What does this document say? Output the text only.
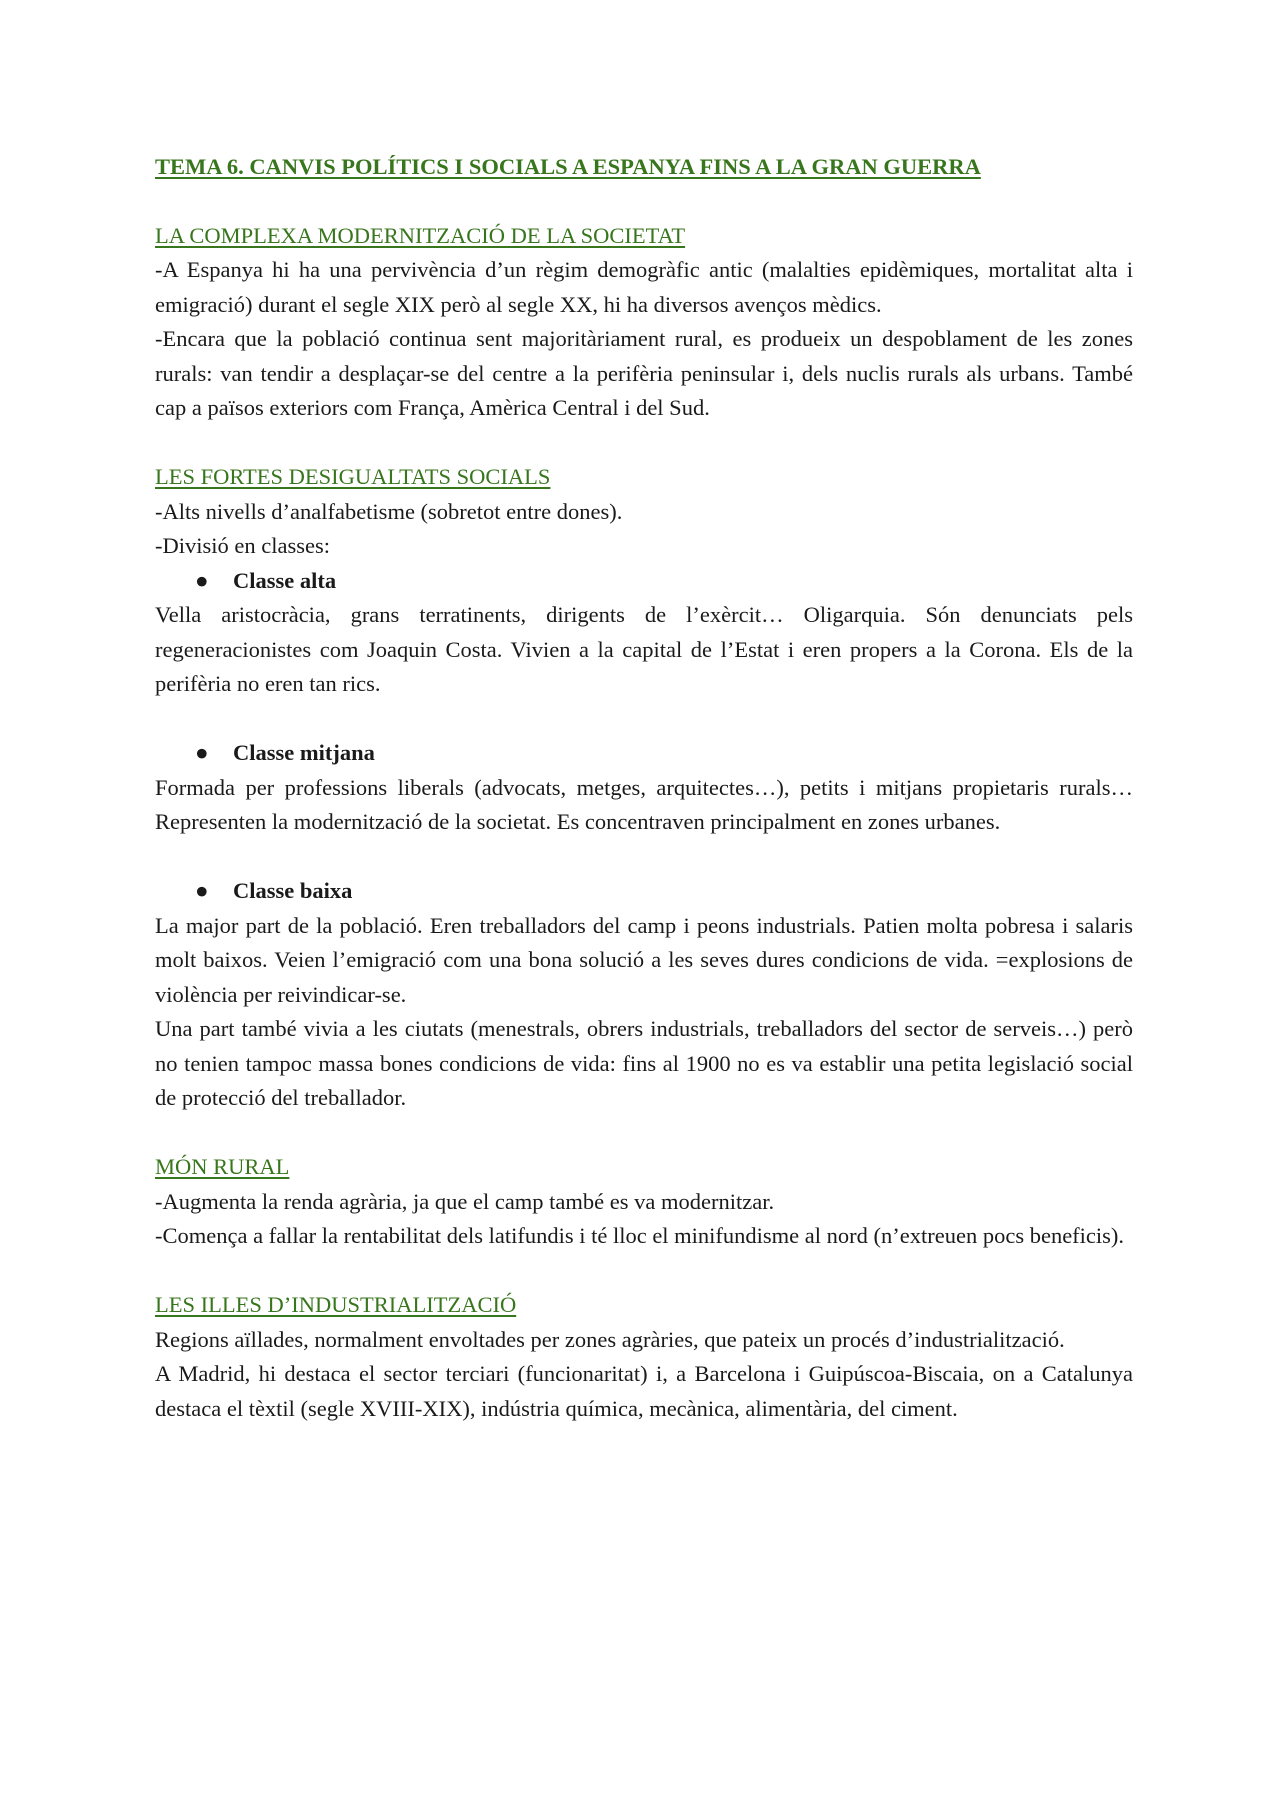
TEMA 6. CANVIS POLÍTICS I SOCIALS A ESPANYA FINS A LA GRAN GUERRA

LA COMPLEXA MODERNITZACIÓ DE LA SOCIETAT

-A Espanya hi ha una pervivència d’un règim demogràfic antic (malalties epidèmiques, mortalitat alta i emigració) durant el segle XIX però al segle XX, hi ha diversos avenços mèdics.

-Encara que la població continua sent majoritàriament rural, es produeix un despoblament de les zones rurals: van tendir a desplaçar-se del centre a la perifèria peninsular i, dels nuclis rurals als urbans. També cap a països exteriors com França, Amèrica Central i del Sud.

LES FORTES DESIGUALTATS SOCIALS

-Alts nivells d’analfabetisme (sobretot entre dones).

-Divisió en classes:

●	Classe alta

Vella aristocràcia, grans terratinents, dirigents de l’exèrcit… Oligarquia. Són denunciats pels regeneracionistes com Joaquin Costa. Vivien a la capital de l’Estat i eren propers a la Corona. Els de la perifèria no eren tan rics.

●	Classe mitjana

Formada per professions liberals (advocats, metges, arquitectes…), petits i mitjans propietaris rurals… Representen la modernització de la societat. Es concentraven principalment en zones urbanes.

●	Classe baixa

La major part de la població. Eren treballadors del camp i peons industrials. Patien molta pobresa i salaris molt baixos. Veien l’emigració com una bona solució a les seves dures condicions de vida. =explosions de violència per reivindicar-se.

Una part també vivia a les ciutats (menestrals, obrers industrials, treballadors del sector de serveis…) però no tenien tampoc massa bones condicions de vida: fins al 1900 no es va establir una petita legislació social de protecció del treballador.

MÓN RURAL

-Augmenta la renda agrària, ja que el camp també es va modernitzar.

-Comença a fallar la rentabilitat dels latifundis i té lloc el minifundisme al nord (n’extreuen pocs beneficis).

LES ILLES D’INDUSTRIALITZACIÓ

Regions aïllades, normalment envoltades per zones agràries, que pateix un procés d’industrialització.

A Madrid, hi destaca el sector terciari (funcionaritat) i, a Barcelona i Guipúscoa-Biscaia, on a Catalunya destaca el tèxtil (segle XVIII-XIX), indústria química, mecànica, alimentària, del ciment.
